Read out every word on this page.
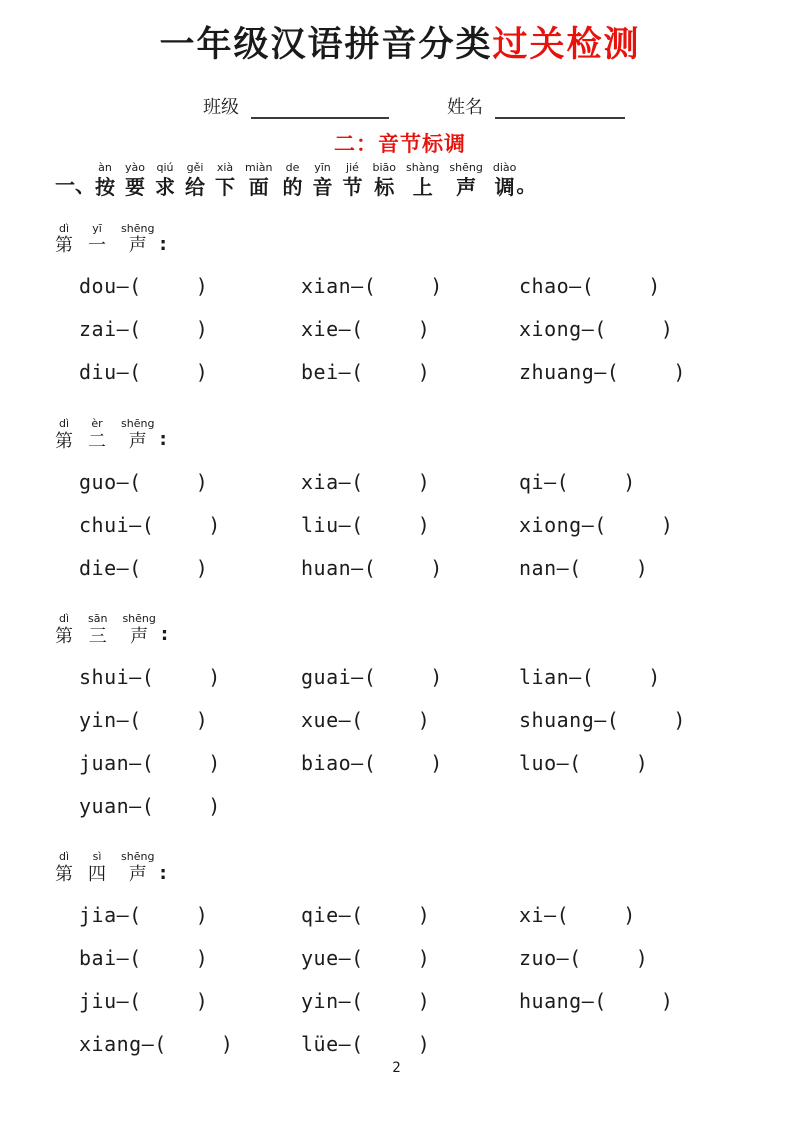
一年级汉语拼音分类过关检测
班级	姓名
二：音节标调
一、
àn
按
yào
要
qiú
求
gěi
给
xià
下
miàn
面
de
的
yīn
音
jié
节
biāo
标
shàng
上
shēng
声
diào
调 。
dì
第
yī
一
shēng
声 :
dou—(	)	xian—(	)	chao—(	)
zai—(	)	xie—(	)	xiong—(	)
diu—(	)	bei—(	)	zhuang—(	)
dì
第
èr
二
shēng
声 :
guo—(	)	xia—(	)	qi—(	)
chui—(	)	liu—(	)	xiong—(	)
die—(	)	huan—(	)	nan—(	)
dì
第
sān
三
shēng
声 :
shui—(	)	guai—(	)	lian—(	)
yin—(	)	xue—(	)	shuang—(	)
juan—(	)	biao—(	)	luo—(	)
yuan—(	)
dì
第
sì
四
shēng
声 :
jia—(	)	qie—(	)	xi—(	)
bai—(	)	yue—(	)	zuo—(	)
jiu—(	)	yin—(	)	huang—(	)
xiang—(	)	lüe—(	)
2
